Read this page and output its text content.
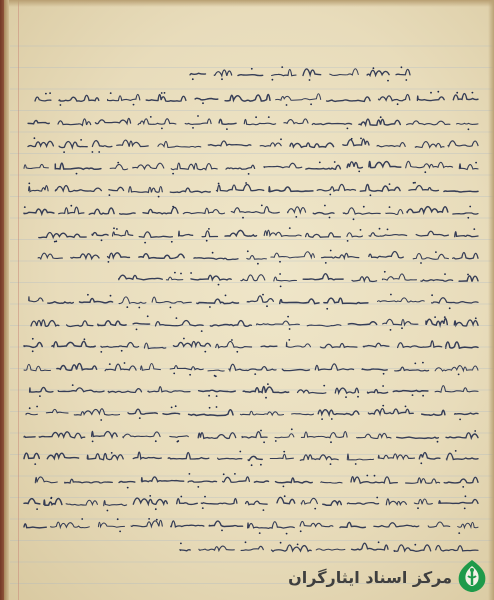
مرکز اسناد ایثارگران
